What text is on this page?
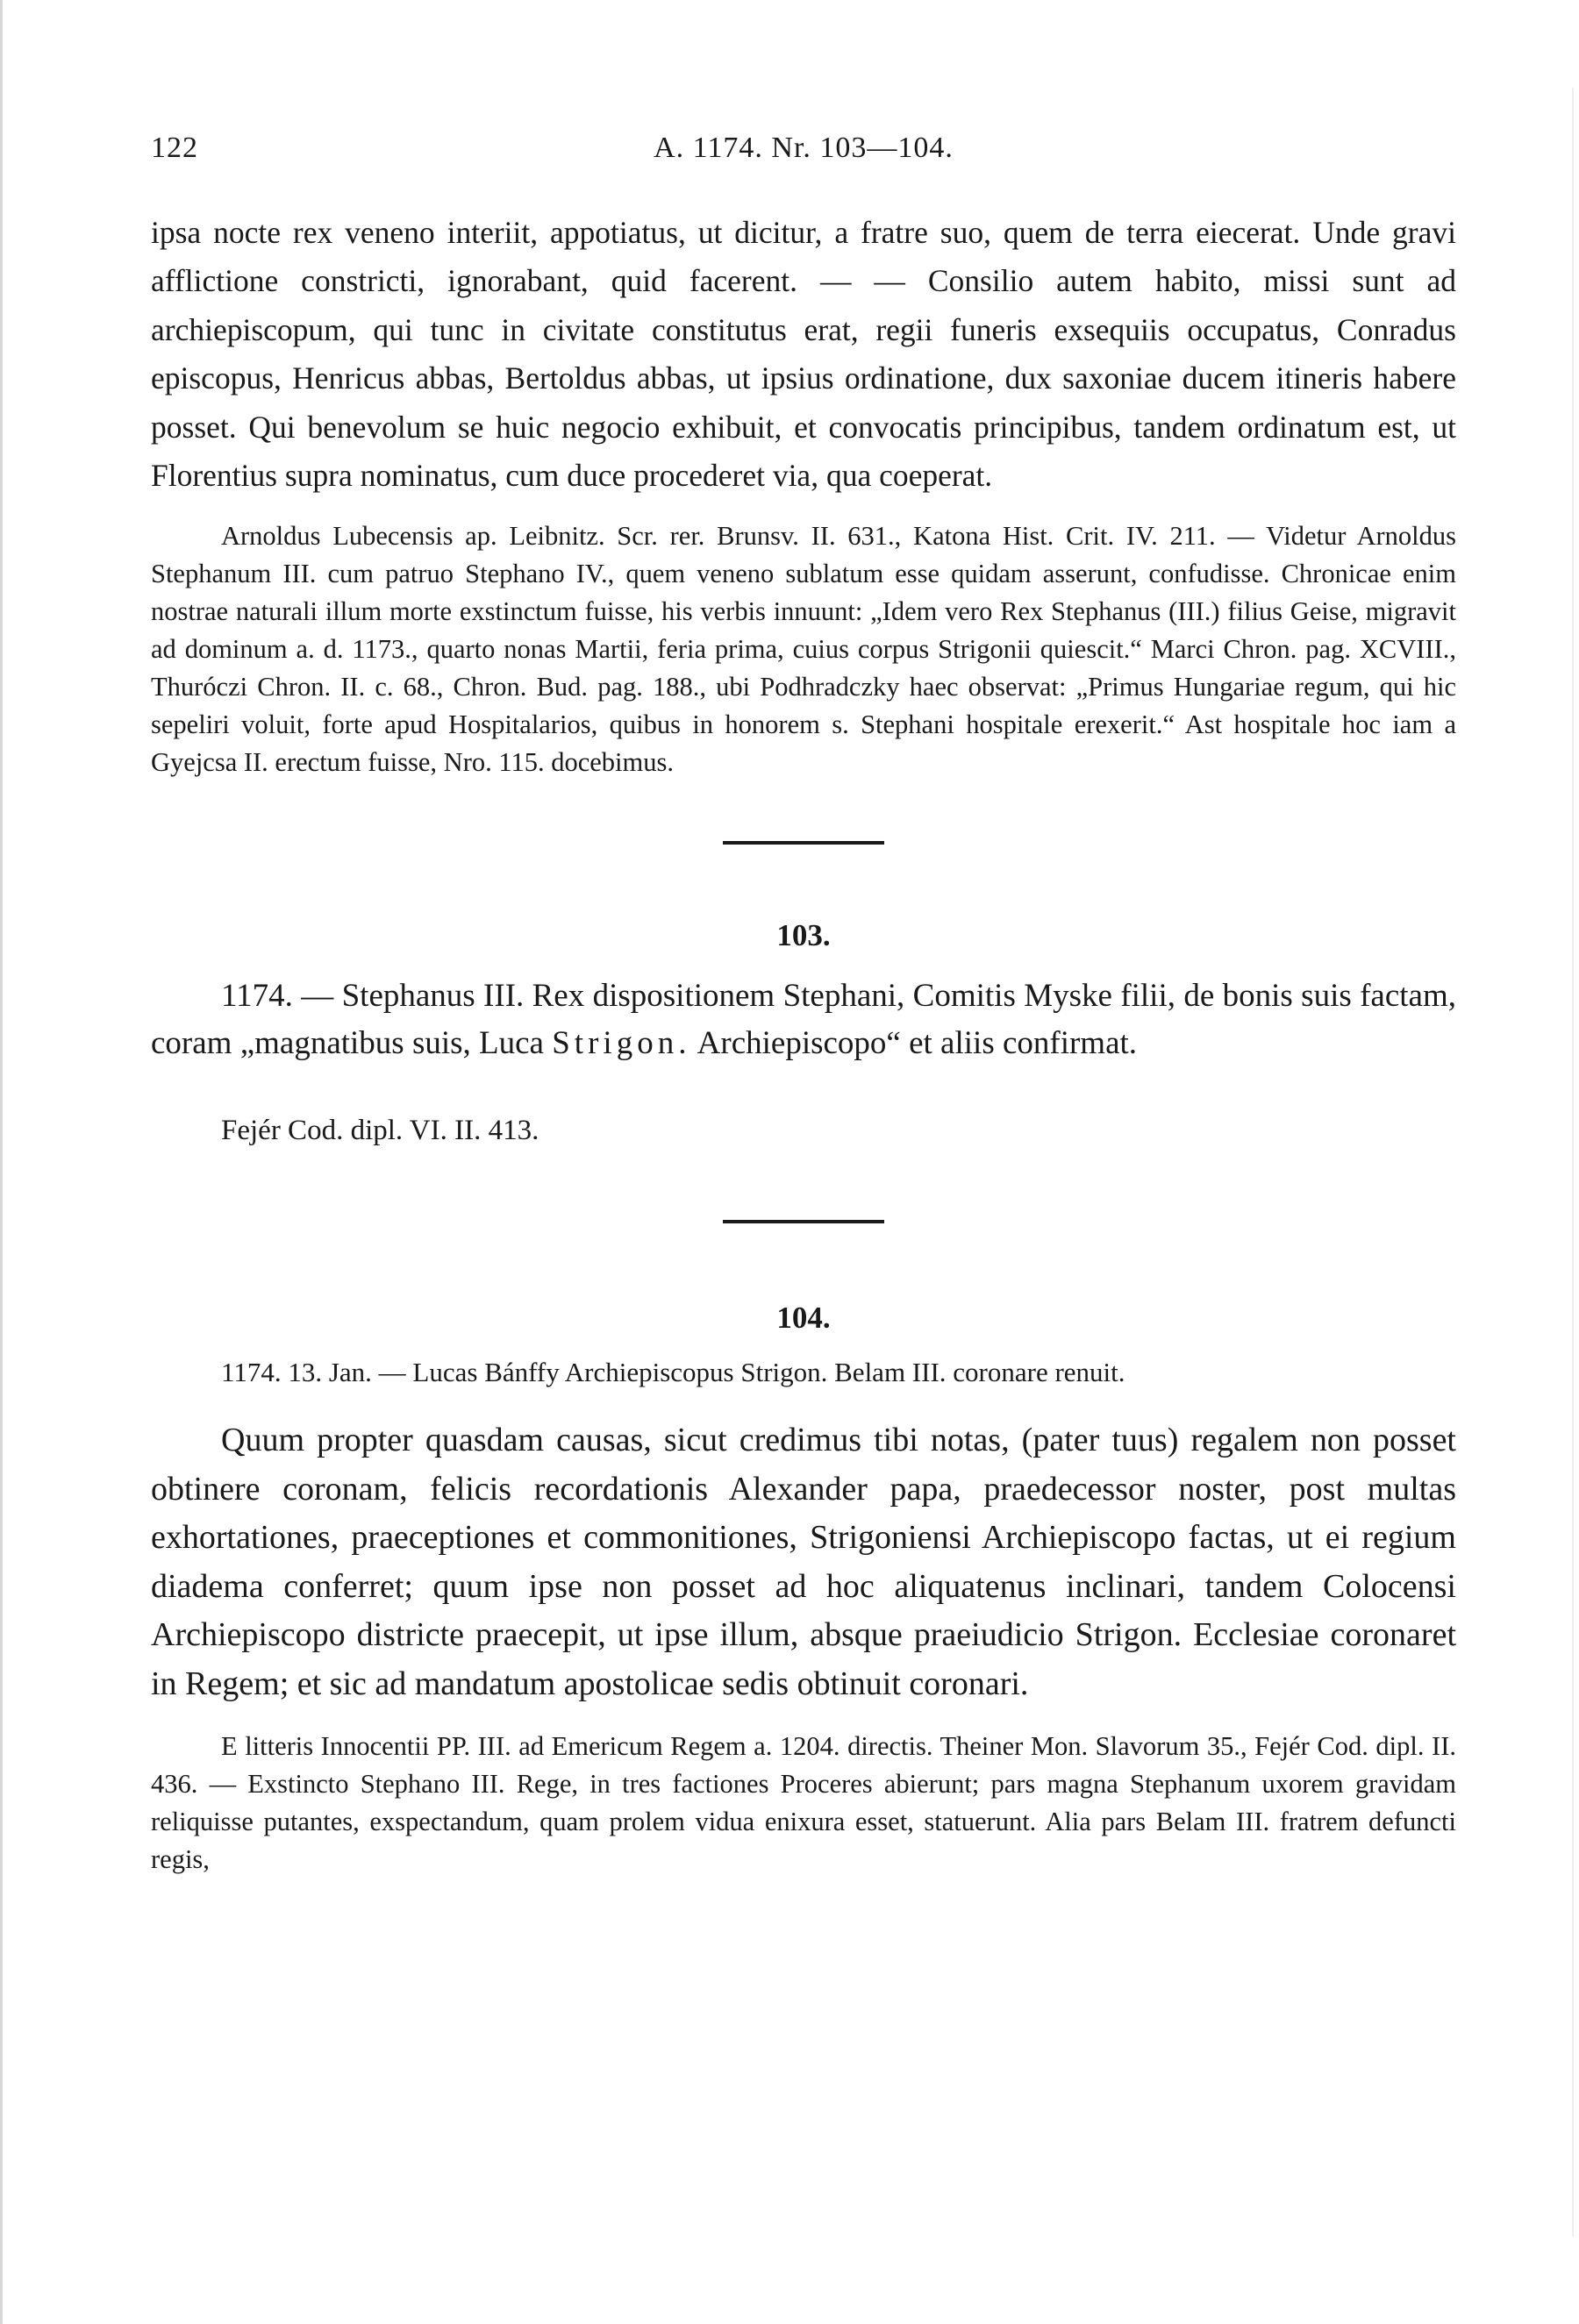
122	A. 1174. Nr. 103—104.

ipsa nocte rex veneno interiit, appotiatus, ut dicitur, a fratre suo, quem de terra eiecerat. Unde gravi afflictione constricti, ignorabant, quid facerent. — — Consilio autem habito, missi sunt ad archiepiscopum, qui tunc in civitate constitutus erat, regii funeris exsequiis occupatus, Conradus episcopus, Henricus abbas, Bertoldus abbas, ut ipsius ordinatione, dux saxoniae ducem itineris habere posset. Qui benevolum se huic negocio exhibuit, et convocatis principibus, tandem ordinatum est, ut Florentius supra nominatus, cum duce procederet via, qua coeperat.

Arnoldus Lubecensis ap. Leibnitz. Scr. rer. Brunsv. II. 631., Katona Hist. Crit. IV. 211. — Videtur Arnoldus Stephanum III. cum patruo Stephano IV., quem veneno sublatum esse quidam asserunt, confudisse. Chronicae enim nostrae naturali illum morte exstinctum fuisse, his verbis innuunt: „Idem vero Rex Stephanus (III.) filius Geise, migravit ad dominum a. d. 1173., quarto nonas Martii, feria prima, cuius corpus Strigonii quiescit.“ Marci Chron. pag. XCVIII., Thuróczi Chron. II. c. 68., Chron. Bud. pag. 188., ubi Podhradczky haec observat: „Primus Hungariae regum, qui hic sepeliri voluit, forte apud Hospitalarios, quibus in honorem s. Stephani hospitale erexerit.“ Ast hospitale hoc iam a Gyejcsa II. erectum fuisse, Nro. 115. docebimus.

103.

1174. — Stephanus III. Rex dispositionem Stephani, Comitis Myske filii, de bonis suis factam, coram „magnatibus suis, Luca Strigon. Archiepiscopo“ et aliis confirmat.

Fejér Cod. dipl. VI. II. 413.

104.

1174. 13. Jan. — Lucas Bánffy Archiepiscopus Strigon. Belam III. coronare renuit.

Quum propter quasdam causas, sicut credimus tibi notas, (pater tuus) regalem non posset obtinere coronam, felicis recordationis Alexander papa, praedecessor noster, post multas exhortationes, praeceptiones et commonitiones, Strigoniensi Archiepiscopo factas, ut ei regium diadema conferret; quum ipse non posset ad hoc aliquatenus inclinari, tandem Colocensi Archiepiscopo districte praecepit, ut ipse illum, absque praeiudicio Strigon. Ecclesiae coronaret in Regem; et sic ad mandatum apostolicae sedis obtinuit coronari.

E litteris Innocentii PP. III. ad Emericum Regem a. 1204. directis. Theiner Mon. Slavorum 35., Fejér Cod. dipl. II. 436. — Exstincto Stephano III. Rege, in tres factiones Proceres abierunt; pars magna Stephanum uxorem gravidam reliquisse putantes, exspectandum, quam prolem vidua enixura esset, statuerunt. Alia pars Belam III. fratrem defuncti regis,
